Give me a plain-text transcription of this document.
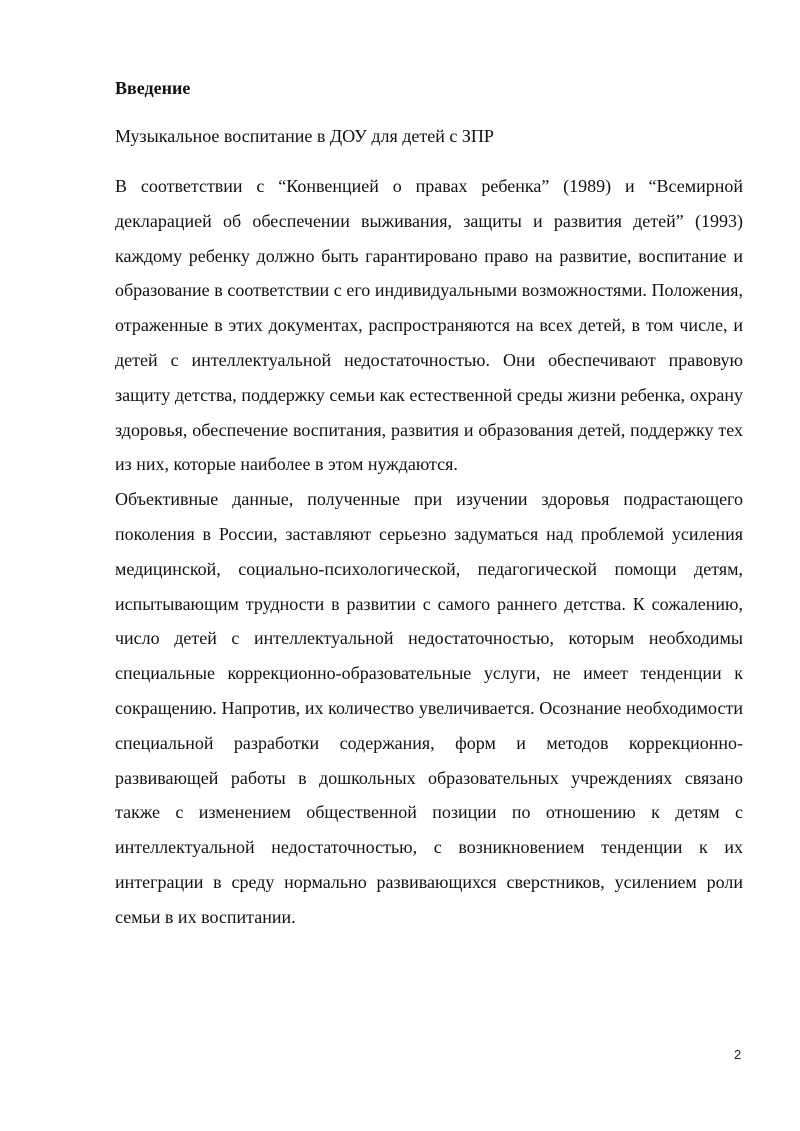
Введение

Музыкальное воспитание в ДОУ для детей с ЗПР

В соответствии с “Конвенцией о правах ребенка” (1989) и “Всемирной декларацией об обеспечении выживания, защиты и развития детей” (1993) каждому ребенку должно быть гарантировано право на развитие, воспитание и образование в соответствии с его индивидуальными возможностями. Положения, отраженные в этих документах, распространяются на всех детей, в том числе, и детей с интеллектуальной недостаточностью. Они обеспечивают правовую защиту детства, поддержку семьи как естественной среды жизни ребенка, охрану здоровья, обеспечение воспитания, развития и образования детей, поддержку тех из них, которые наиболее в этом нуждаются.

Объективные данные, полученные при изучении здоровья подрастающего поколения в России, заставляют серьезно задуматься над проблемой усиления медицинской, социально-психологической, педагогической помощи детям, испытывающим трудности в развитии с самого раннего детства. К сожалению, число детей с интеллектуальной недостаточностью, которым необходимы специальные коррекционно-образовательные услуги, не имеет тенденции к сокращению. Напротив, их количество увеличивается. Осознание необходимости специальной разработки содержания, форм и методов коррекционно-развивающей работы в дошкольных образовательных учреждениях связано также с изменением общественной позиции по отношению к детям с интеллектуальной недостаточностью, с возникновением тенденции к их интеграции в среду нормально развивающихся сверстников, усилением роли семьи в их воспитании.

2
